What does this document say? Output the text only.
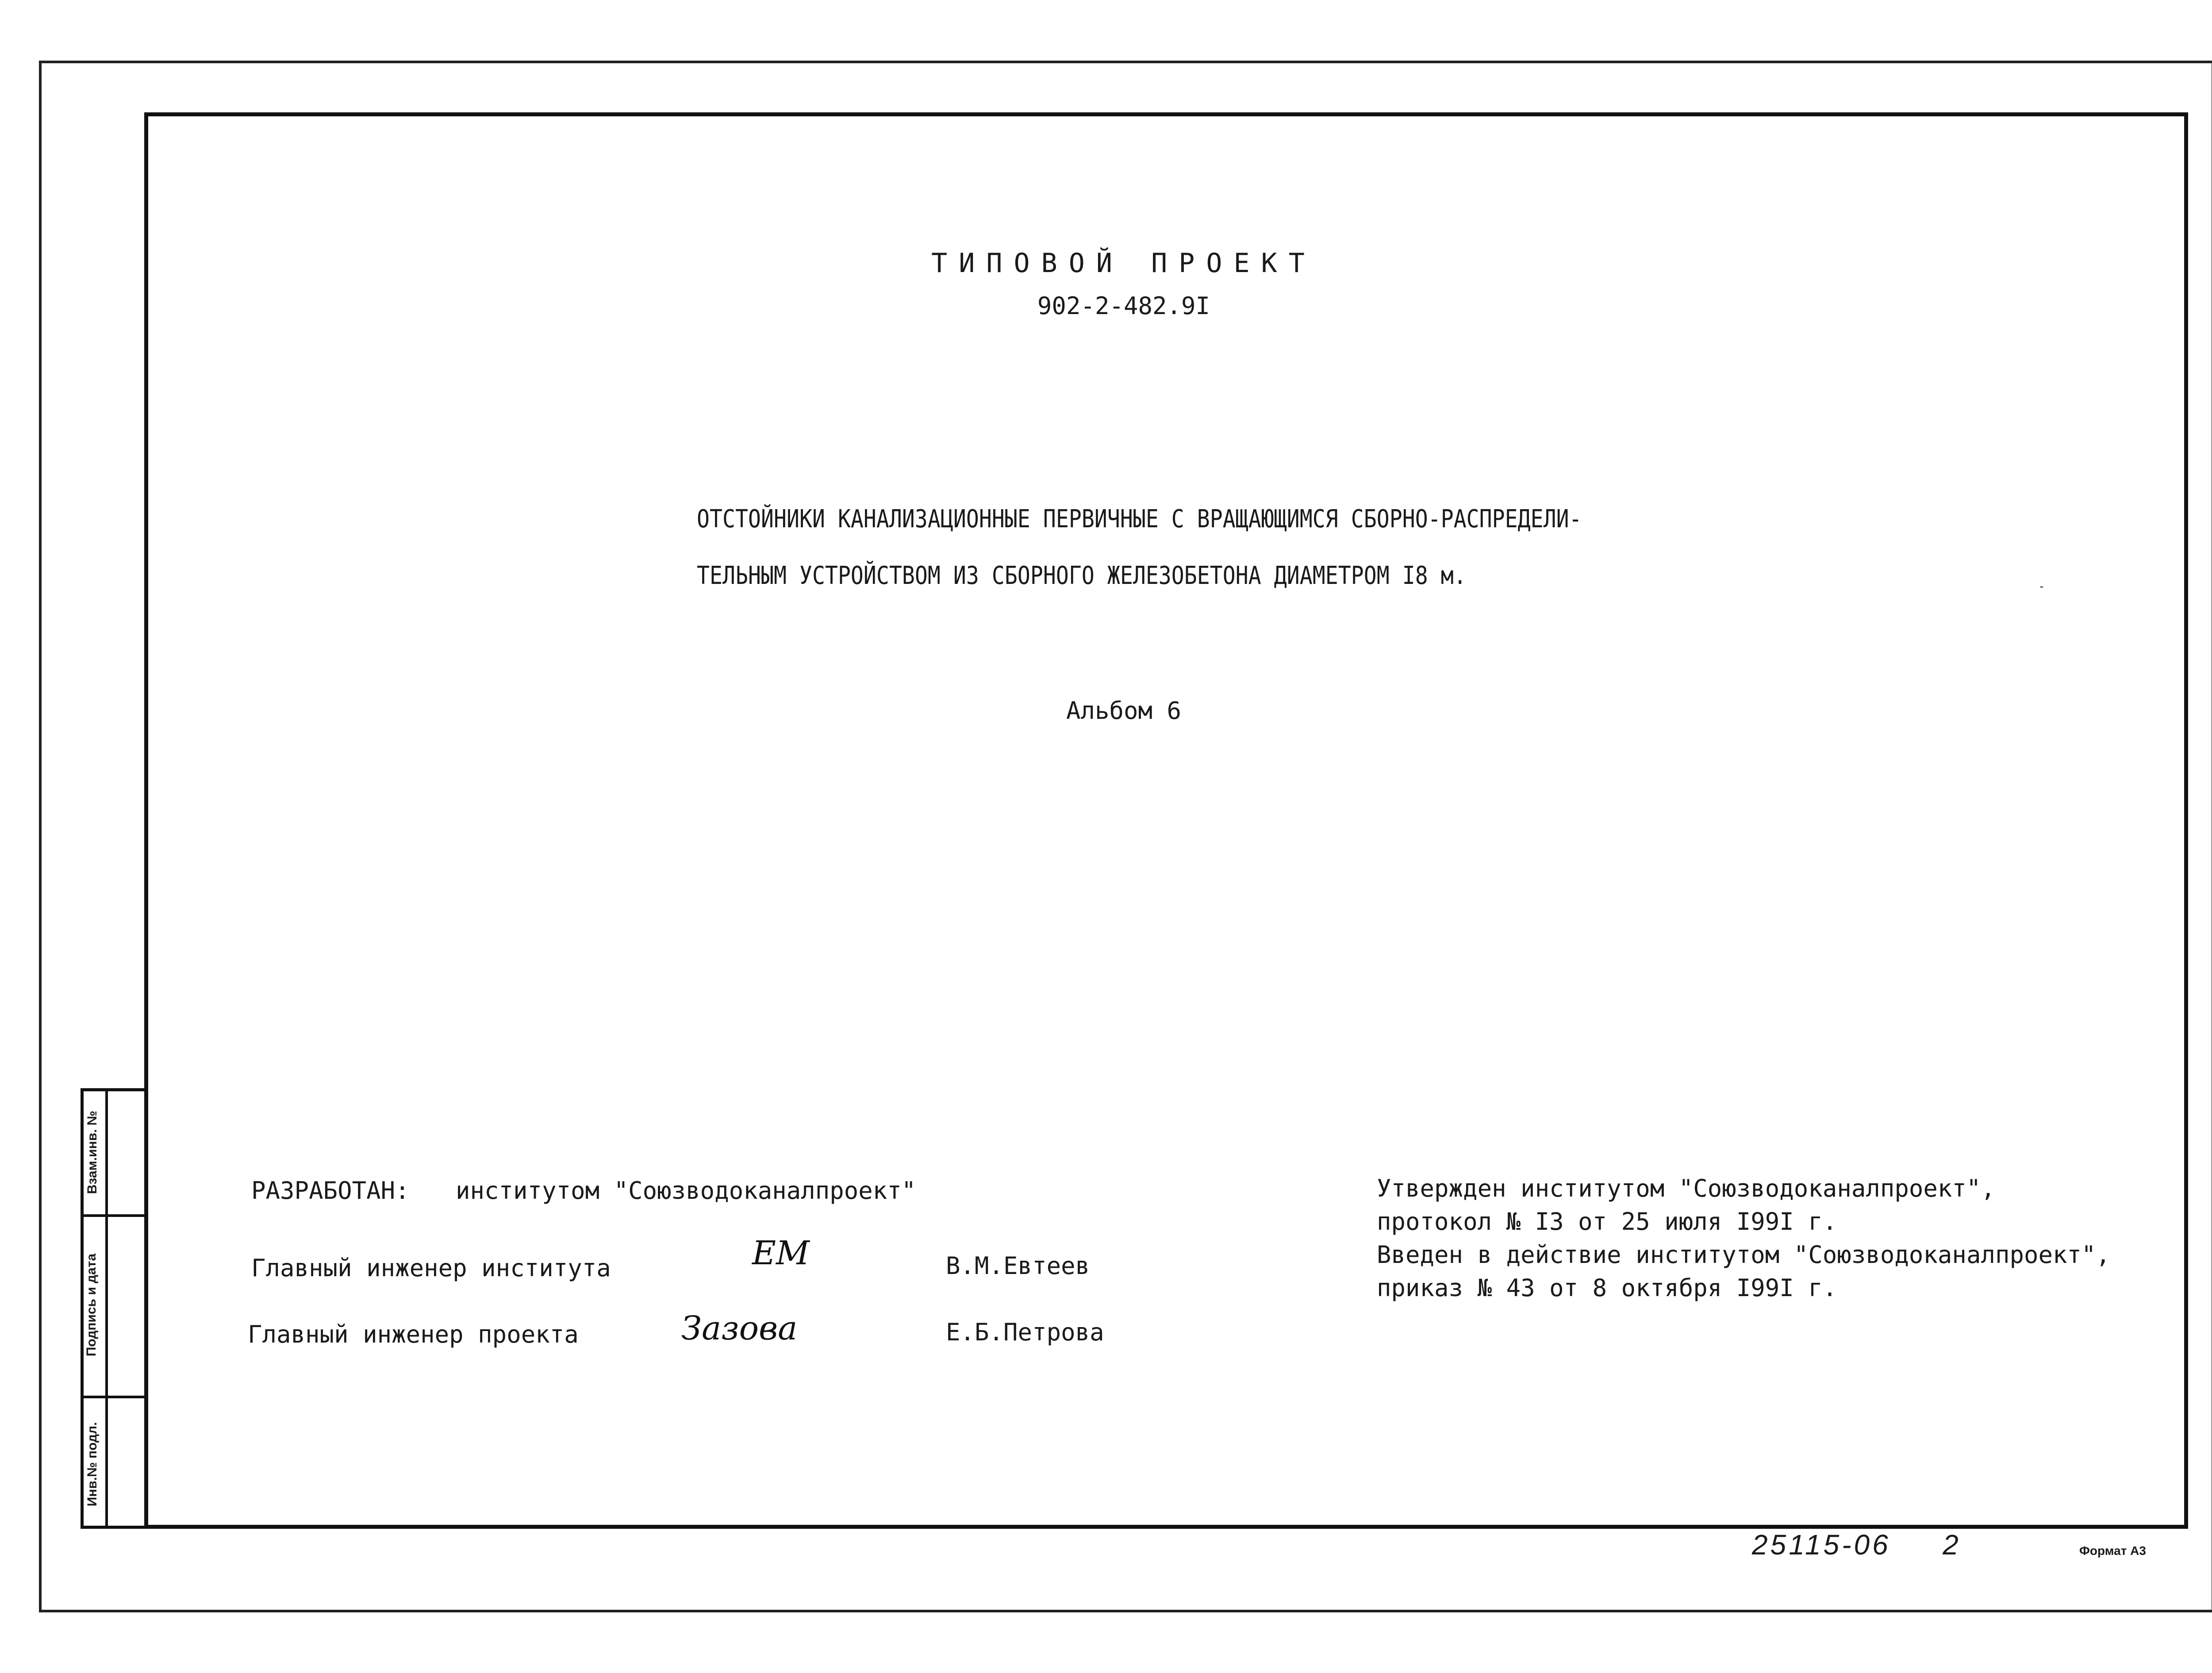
Взам.инв. №
Подпись и дата
Инв.№ подл.
ТИПОВОЙ ПРОЕКТ
902-2-482.9I
ОТСТОЙНИКИ КАНАЛИЗАЦИОННЫЕ ПЕРВИЧНЫЕ С ВРАЩАЮЩИМСЯ СБОРНО-РАСПРЕДЕЛИ-
ТЕЛЬНЫМ УСТРОЙСТВОМ ИЗ СБОРНОГО ЖЕЛЕЗОБЕТОНА ДИАМЕТРОМ I8 м.
Альбом 6
РАЗРАБОТАН: институтом "Союзводоканалпроект"
Главный инженер института	ЕМ	В.М.Евтеев
Главный инженер проекта	Зазова	Е.Б.Петрова
Утвержден институтом "Союзводоканалпроект",
протокол № I3 от 25 июля I99I г.
Введен в действие институтом "Союзводоканалпроект",
приказ № 43 от 8 октября I99I г.
25115-06 2	Формат А3
